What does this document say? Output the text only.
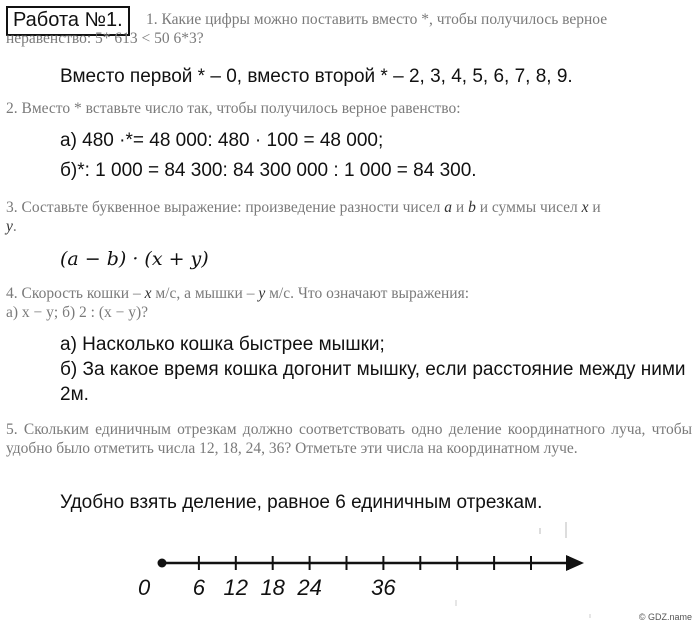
Работа №1.	1. Какие цифры можно поставить вместо *, чтобы получилось верное
неравенство: 5* 613 < 50 6*3?
Вместо первой * – 0, вместо второй * – 2, 3, 4, 5, 6, 7, 8, 9.
2. Вместо * вставьте число так, чтобы получилось верное равенство:
а) 480 ·*= 48 000: 480 · 100 = 48 000;
б)*: 1 000 = 84 300: 84 300 000 : 1 000 = 84 300.
3. Составьте буквенное выражение: произведение разности чисел a и b и суммы чисел x и
y.
(a − b) · (x + y)
4. Скорость кошки – x м/с, а мышки – y м/с. Что означают выражения:
а) x − y; б) 2 : (x − y)?
а) Насколько кошка быстрее мышки;
б) За какое время кошка догонит мышку, если расстояние между ними
2м.
5. Скольким единичным отрезкам должно соответствовать одно деление координатного луча, чтобы удобно было отметить числа 12, 18, 24, 36? Отметьте эти числа на координатном луче.
Удобно взять деление, равное 6 единичным отрезкам.
0 6 12 18 24 36
© GDZ.name
